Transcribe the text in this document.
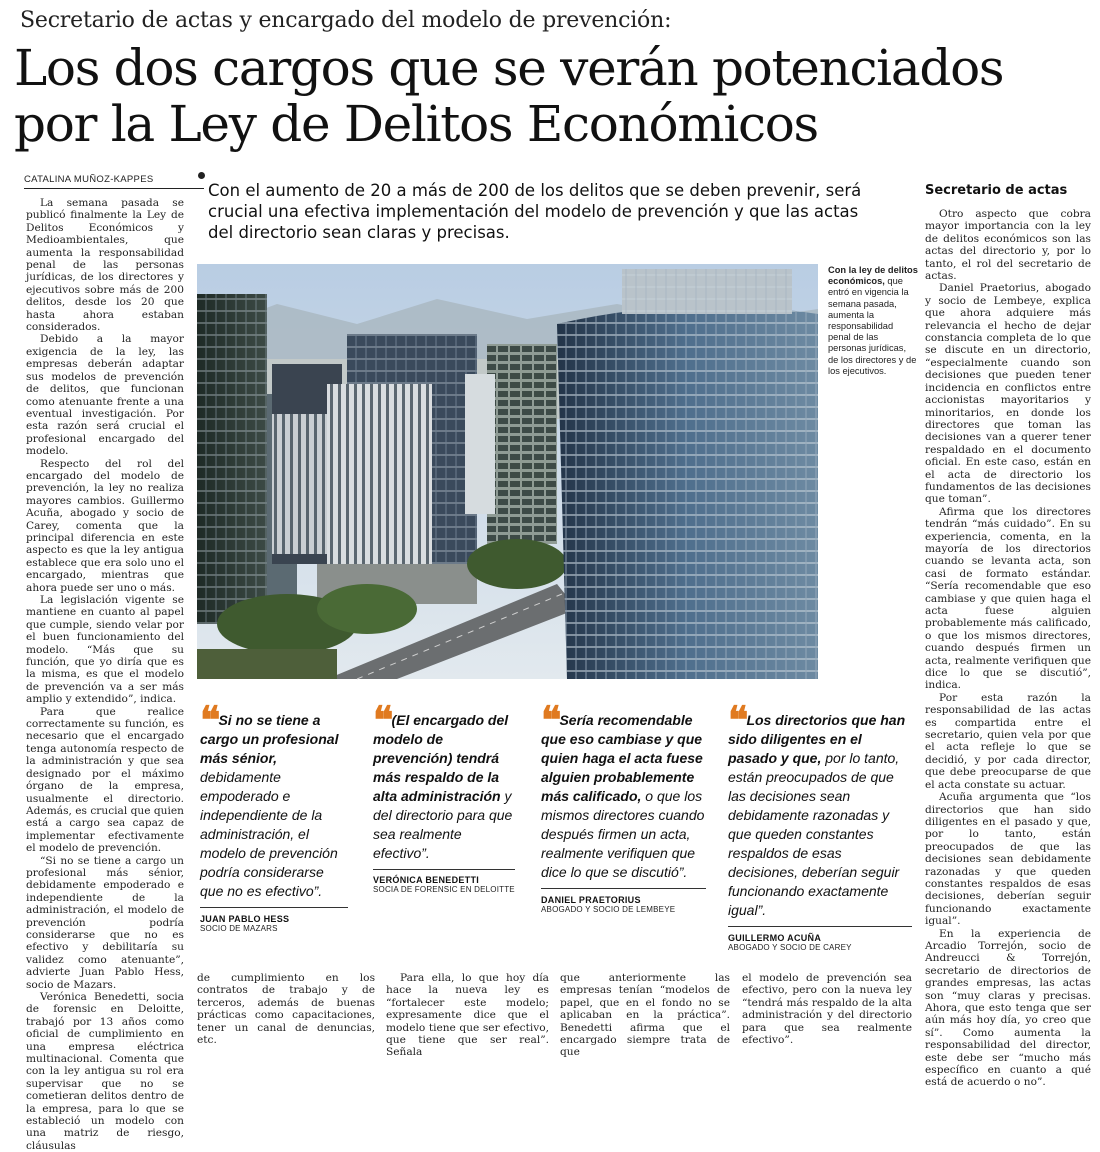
Secretario de actas y encargado del modelo de prevención:
Los dos cargos que se verán potenciados
por la Ley de Delitos Económicos
CATALINA MUÑOZ-KAPPES
Con el aumento de 20 a más de 200 de los delitos que se deben prevenir, será crucial una efectiva implementación del modelo de prevención y que las actas del directorio sean claras y precisas.

La semana pasada se publicó finalmente la Ley de Delitos Económicos y Medioambientales, que aumenta la responsabilidad penal de las personas jurídicas, de los directores y ejecutivos sobre más de 200 delitos, desde los 20 que hasta ahora estaban considerados.

Debido a la mayor exigencia de la ley, las empresas deberán adaptar sus modelos de prevención de delitos, que funcionan como atenuante frente a una eventual investigación. Por esta razón será crucial el profesional encargado del modelo.

Respecto del rol del encargado del modelo de prevención, la ley no realiza mayores cambios. Guillermo Acuña, abogado y socio de Carey, comenta que la principal diferencia en este aspecto es que la ley antigua establece que era solo uno el encargado, mientras que ahora puede ser uno o más.

La legislación vigente se mantiene en cuanto al papel que cumple, siendo velar por el buen funcionamiento del modelo. “Más que su función, que yo diría que es la misma, es que el modelo de prevención va a ser más amplio y extendido”, indica.

Para que realice correctamente su función, es necesario que el encargado tenga autonomía respecto de la administración y que sea designado por el máximo órgano de la empresa, usualmente el directorio. Además, es crucial que quien está a cargo sea capaz de implementar efectivamente el modelo de prevención.

“Si no se tiene a cargo un profesional más sénior, debidamente empoderado e independiente de la administración, el modelo de prevención podría considerarse que no es efectivo y debilitaría su validez como atenuante”, advierte Juan Pablo Hess, socio de Mazars.

Verónica Benedetti, socia de forensic en Deloitte, trabajó por 13 años como oficial de cumplimiento en una empresa eléctrica multinacional. Comenta que con la ley antigua su rol era supervisar que no se cometieran delitos dentro de la empresa, para lo que se estableció un modelo con una matriz de riesgo, cláusulas

Con la ley de delitos económicos, que entró en vigencia la semana pasada, aumenta la responsabilidad penal de las personas jurídicas, de los directores y de los ejecutivos.
❝ Si no se tiene a cargo un profesional más sénior, debidamente empoderado e independiente de la administración, el modelo de prevención podría considerarse que no es efectivo”.
JUAN PABLO HESS
SOCIO DE MAZARS
❝ (El encargado del modelo de prevención) tendrá más respaldo de la alta administración y del directorio para que sea realmente efectivo”.
VERÓNICA BENEDETTI
SOCIA DE FORENSIC EN DELOITTE
❝ Sería recomendable que eso cambiase y que quien haga el acta fuese alguien probablemente más calificado, o que los mismos directores cuando después firmen un acta, realmente verifiquen que dice lo que se discutió”.
DANIEL PRAETORIUS
ABOGADO Y SOCIO DE LEMBEYE
❝ Los directorios que han sido diligentes en el pasado y que, por lo tanto, están preocupados de que las decisiones sean debidamente razonadas y que queden constantes respaldos de esas decisiones, deberían seguir funcionando exactamente igual”.
GUILLERMO ACUÑA
ABOGADO Y SOCIO DE CAREY
de cumplimiento en los contratos de trabajo y de terceros, además de buenas prácticas como capacitaciones, tener un canal de denuncias, etc.
Para ella, lo que hoy día hace la nueva ley es “fortalecer este modelo; expresamente dice que el modelo tiene que ser efectivo, que tiene que ser real”. Señala
que anteriormente las empresas tenían “modelos de papel, que en el fondo no se aplicaban en la práctica”. Benedetti afirma que el encargado siempre trata de que
el modelo de prevención sea efectivo, pero con la nueva ley “tendrá más respaldo de la alta administración y del directorio para que sea realmente efectivo”.
Secretario de actas

Otro aspecto que cobra mayor importancia con la ley de delitos económicos son las actas del directorio y, por lo tanto, el rol del secretario de actas.

Daniel Praetorius, abogado y socio de Lembeye, explica que ahora adquiere más relevancia el hecho de dejar constancia completa de lo que se discute en un directorio, “especialmente cuando son decisiones que pueden tener incidencia en conflictos entre accionistas mayoritarios y minoritarios, en donde los directores que toman las decisiones van a querer tener respaldado en el documento oficial. En este caso, están en el acta de directorio los fundamentos de las decisiones que toman”.

Afirma que los directores tendrán “más cuidado”. En su experiencia, comenta, en la mayoría de los directorios cuando se levanta acta, son casi de formato estándar. “Sería recomendable que eso cambiase y que quien haga el acta fuese alguien probablemente más calificado, o que los mismos directores, cuando después firmen un acta, realmente verifiquen que dice lo que se discutió”, indica.

Por esta razón la responsabilidad de las actas es compartida entre el secretario, quien vela por que el acta refleje lo que se decidió, y por cada director, que debe preocuparse de que el acta constate su actuar.

Acuña argumenta que “los directorios que han sido diligentes en el pasado y que, por lo tanto, están preocupados de que las decisiones sean debidamente razonadas y que queden constantes respaldos de esas decisiones, deberían seguir funcionando exactamente igual”.

En la experiencia de Arcadio Torrejón, socio de Andreucci & Torrejón, secretario de directorios de grandes empresas, las actas son “muy claras y precisas. Ahora, que esto tenga que ser aún más hoy día, yo creo que sí”. Como aumenta la responsabilidad del director, este debe ser “mucho más específico en cuanto a qué está de acuerdo o no”.
